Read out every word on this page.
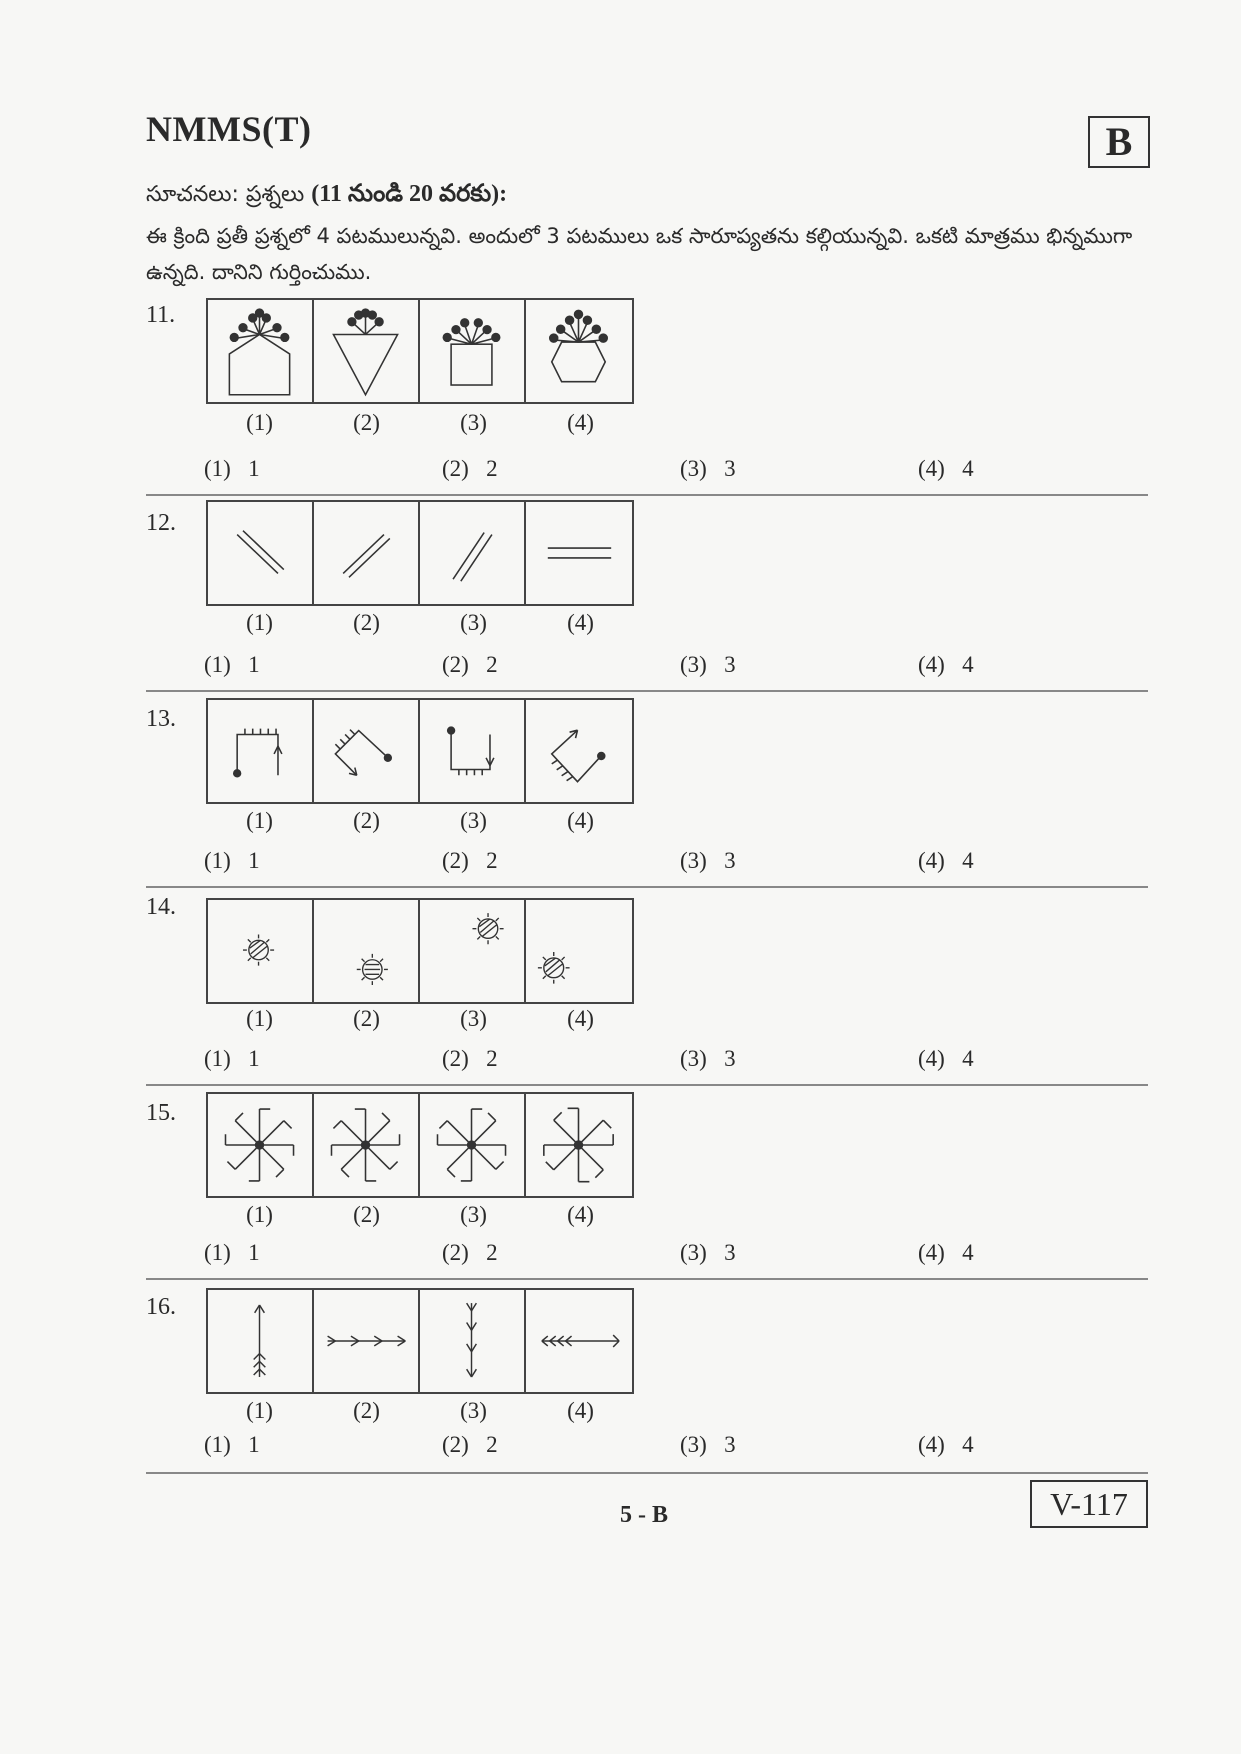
NMMS(T)	B
సూచనలు: ప్రశ్నలు (11 నుండి 20 వరకు):
ఈ క్రింది ప్రతీ ప్రశ్నలో 4 పటములున్నవి. అందులో 3 పటములు ఒక సారూప్యతను కల్గియున్నవి. ఒకటి మాత్రము భిన్నముగా ఉన్నది. దానిని గుర్తించుము.
11.
(1)	(2)	(3)	(4)
(1) 1	(2) 2	(3) 3	(4) 4
12.
(1)	(2)	(3)	(4)
(1) 1	(2) 2	(3) 3	(4) 4
13.
(1)	(2)	(3)	(4)
(1) 1	(2) 2	(3) 3	(4) 4
14.
(1)	(2)	(3)	(4)
(1) 1	(2) 2	(3) 3	(4) 4
15.
(1)	(2)	(3)	(4)
(1) 1	(2) 2	(3) 3	(4) 4
16.
(1)	(2)	(3)	(4)
(1) 1	(2) 2	(3) 3	(4) 4
5 - B	V-117
